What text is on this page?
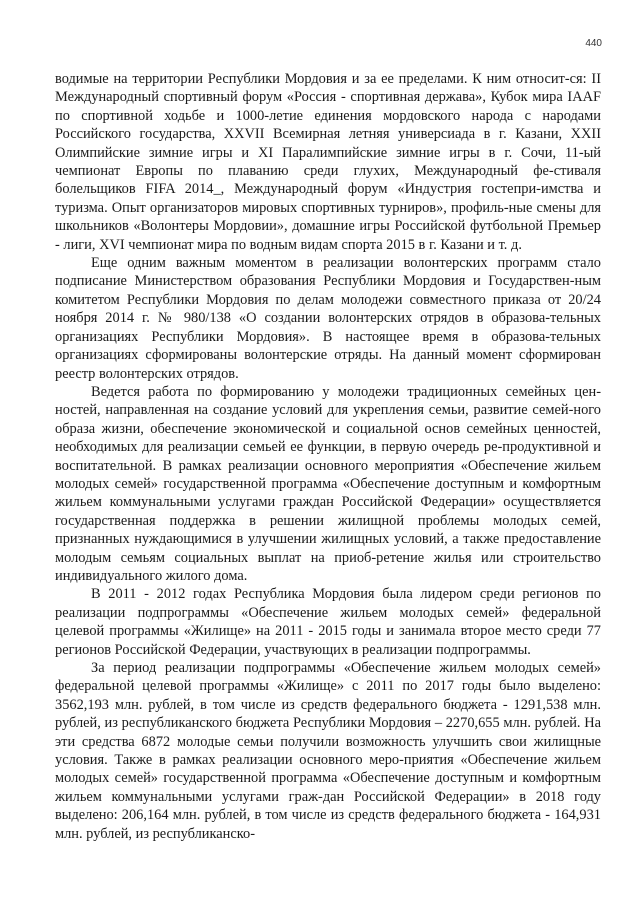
440

водимые на территории Республики Мордовия и за ее пределами. К ним относит-ся: II Международный спортивный форум «Россия - спортивная держава», Кубок мира IAAF по спортивной ходьбе и 1000-летие единения мордовского народа с народами Российского государства, XXVII Всемирная летняя универсиада в г. Казани, XXII Олимпийские зимние игры и XI Паралимпийские зимние игры в г. Сочи, 11-ый чемпионат Европы по плаванию среди глухих, Международный фе-стиваля болельщиков FIFA 2014_, Международный форум «Индустрия гостепри-имства и туризма. Опыт организаторов мировых спортивных турниров», профиль-ные смены для школьников «Волонтеры Мордовии», домашние игры Российской футбольной Премьер - лиги, XVI чемпионат мира по водным видам спорта 2015 в г. Казани и т. д.

Еще одним важным моментом в реализации волонтерских программ стало подписание Министерством образования Республики Мордовия и Государствен-ным комитетом Республики Мордовия по делам молодежи совместного приказа от 20/24 ноября 2014 г. № 980/138 «О создании волонтерских отрядов в образова-тельных организациях Республики Мордовия». В настоящее время в образова-тельных организациях сформированы волонтерские отряды. На данный момент сформирован реестр волонтерских отрядов.

Ведется работа по формированию у молодежи традиционных семейных цен-ностей, направленная на создание условий для укрепления семьи, развитие семей-ного образа жизни, обеспечение экономической и социальной основ семейных ценностей, необходимых для реализации семьей ее функции, в первую очередь ре-продуктивной и воспитательной. В рамках реализации основного мероприятия «Обеспечение жильем молодых семей» государственной программа «Обеспечение доступным и комфортным жильем коммунальными услугами граждан Российской Федерации» осуществляется государственная поддержка в решении жилищной проблемы молодых семей, признанных нуждающимися в улучшении жилищных условий, а также предоставление молодым семьям социальных выплат на приоб-ретение жилья или строительство индивидуального жилого дома.

В 2011 - 2012 годах Республика Мордовия была лидером среди регионов по реализации подпрограммы «Обеспечение жильем молодых семей» федеральной целевой программы «Жилище» на 2011 - 2015 годы и занимала второе место среди 77 регионов Российской Федерации, участвующих в реализации подпрограммы.

За период реализации подпрограммы «Обеспечение жильем молодых семей» федеральной целевой программы «Жилище» с 2011 по 2017 годы было выделено: 3562,193 млн. рублей, в том числе из средств федерального бюджета - 1291,538 млн. рублей, из республиканского бюджета Республики Мордовия – 2270,655 млн. рублей. На эти средства 6872 молодые семьи получили возможность улучшить свои жилищные условия. Также в рамках реализации основного меро-приятия «Обеспечение жильем молодых семей» государственной программа «Обеспечение доступным и комфортным жильем коммунальными услугами граж-дан Российской Федерации» в 2018 году выделено: 206,164 млн. рублей, в том числе из средств федерального бюджета - 164,931 млн. рублей, из республиканско-
